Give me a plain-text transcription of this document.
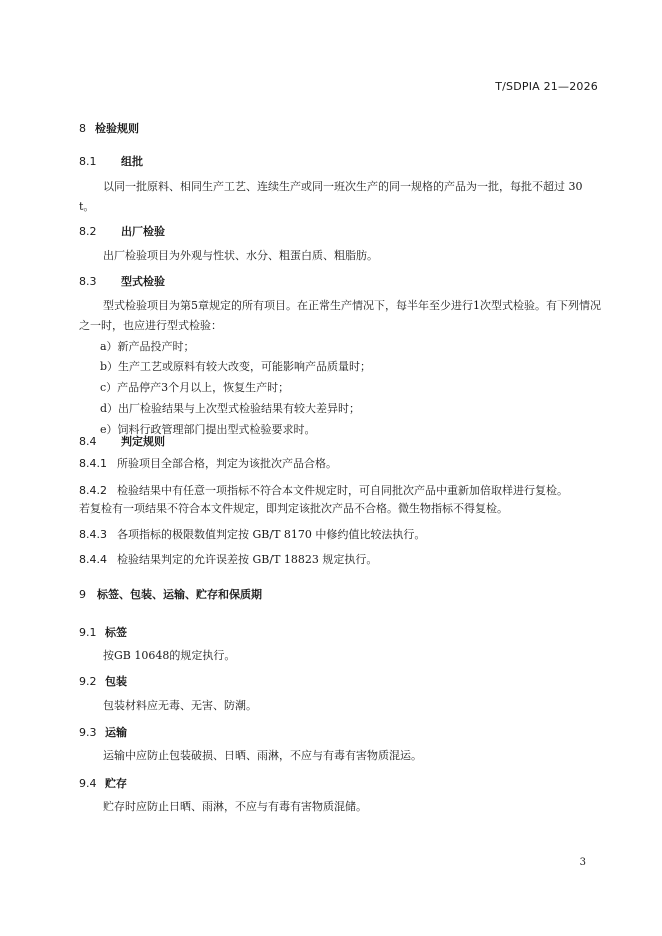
T/SDPIA 21—2026
8 检验规则
8.1 组批
以同一批原料、相同生产工艺、连续生产或同一班次生产的同一规格的产品为一批，每批不超过 30
t。
8.2 出厂检验
出厂检验项目为外观与性状、水分、粗蛋白质、粗脂肪。
8.3 型式检验
型式检验项目为第5章规定的所有项目。在正常生产情况下，每半年至少进行1次型式检验。有下列情况
之一时，也应进行型式检验：
a）新产品投产时；
b）生产工艺或原料有较大改变，可能影响产品质量时；
c）产品停产3个月以上，恢复生产时；
d）出厂检验结果与上次型式检验结果有较大差异时；
e）饲料行政管理部门提出型式检验要求时。
8.4 判定规则
8.4.1 所验项目全部合格，判定为该批次产品合格。
8.4.2 检验结果中有任意一项指标不符合本文件规定时，可自同批次产品中重新加倍取样进行复检。
若复检有一项结果不符合本文件规定，即判定该批次产品不合格。微生物指标不得复检。
8.4.3 各项指标的极限数值判定按 GB/T 8170 中修约值比较法执行。
8.4.4 检验结果判定的允许误差按 GB/T 18823 规定执行。
9 标签、包装、运输、贮存和保质期
9.1 标签
按GB 10648的规定执行。
9.2 包装
包装材料应无毒、无害、防潮。
9.3 运输
运输中应防止包装破损、日晒、雨淋，不应与有毒有害物质混运。
9.4 贮存
贮存时应防止日晒、雨淋，不应与有毒有害物质混储。
3
